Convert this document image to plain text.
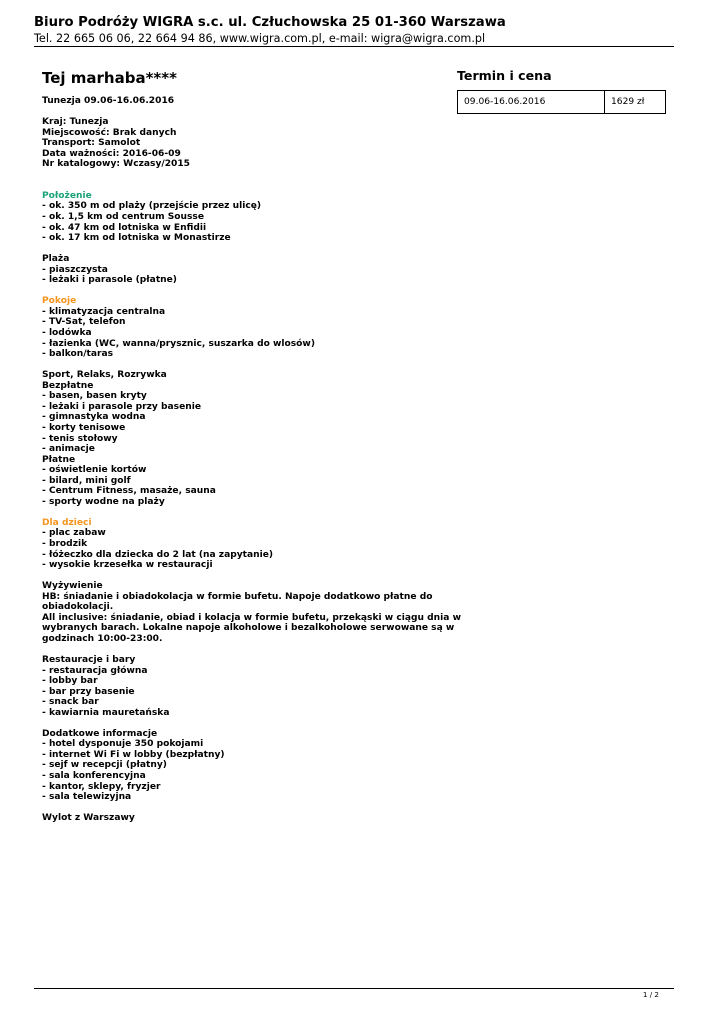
Biuro Podróży WIGRA s.c. ul. Człuchowska 25 01-360 Warszawa
Tel. 22 665 06 06, 22 664 94 86, www.wigra.com.pl, e-mail: wigra@wigra.com.pl
Tej marhaba****
Tunezja 09.06-16.06.2016
Kraj: Tunezja
Miejscowość: Brak danych
Transport: Samolot
Data ważności: 2016-06-09
Nr katalogowy: Wczasy/2015
Położenie
- ok. 350 m od plaży (przejście przez ulicę)
- ok. 1,5 km od centrum Sousse
- ok. 47 km od lotniska w Enfidii
- ok. 17 km od lotniska w Monastirze
Plaża
- piaszczysta
- leżaki i parasole (płatne)
Pokoje
- klimatyzacja centralna
- TV-Sat, telefon
- lodówka
- łazienka (WC, wanna/prysznic, suszarka do wlosów)
- balkon/taras
Sport, Relaks, Rozrywka
Bezpłatne
- basen, basen kryty
- leżaki i parasole przy basenie
- gimnastyka wodna
- korty tenisowe
- tenis stołowy
- animacje
Płatne
- oświetlenie kortów
- bilard, mini golf
- Centrum Fitness, masaże, sauna
- sporty wodne na plaży
Dla dzieci
- plac zabaw
- brodzik
- łóżeczko dla dziecka do 2 lat (na zapytanie)
- wysokie krzesełka w restauracji
Wyżywienie
HB: śniadanie i obiadokolacja w formie bufetu. Napoje dodatkowo płatne do
obiadokolacji.
All inclusive: śniadanie, obiad i kolacja w formie bufetu, przekąski w ciągu dnia w
wybranych barach. Lokalne napoje alkoholowe i bezalkoholowe serwowane są w
godzinach 10:00-23:00.
Restauracje i bary
- restauracja główna
- lobby bar
- bar przy basenie
- snack bar
- kawiarnia mauretańska
Dodatkowe informacje
- hotel dysponuje 350 pokojami
- internet Wi Fi w lobby (bezpłatny)
- sejf w recepcji (płatny)
- sala konferencyjna
- kantor, sklepy, fryzjer
- sala telewizyjna
Wylot z Warszawy
Termin i cena
09.06-16.06.2016	1629 zł
1 / 2
